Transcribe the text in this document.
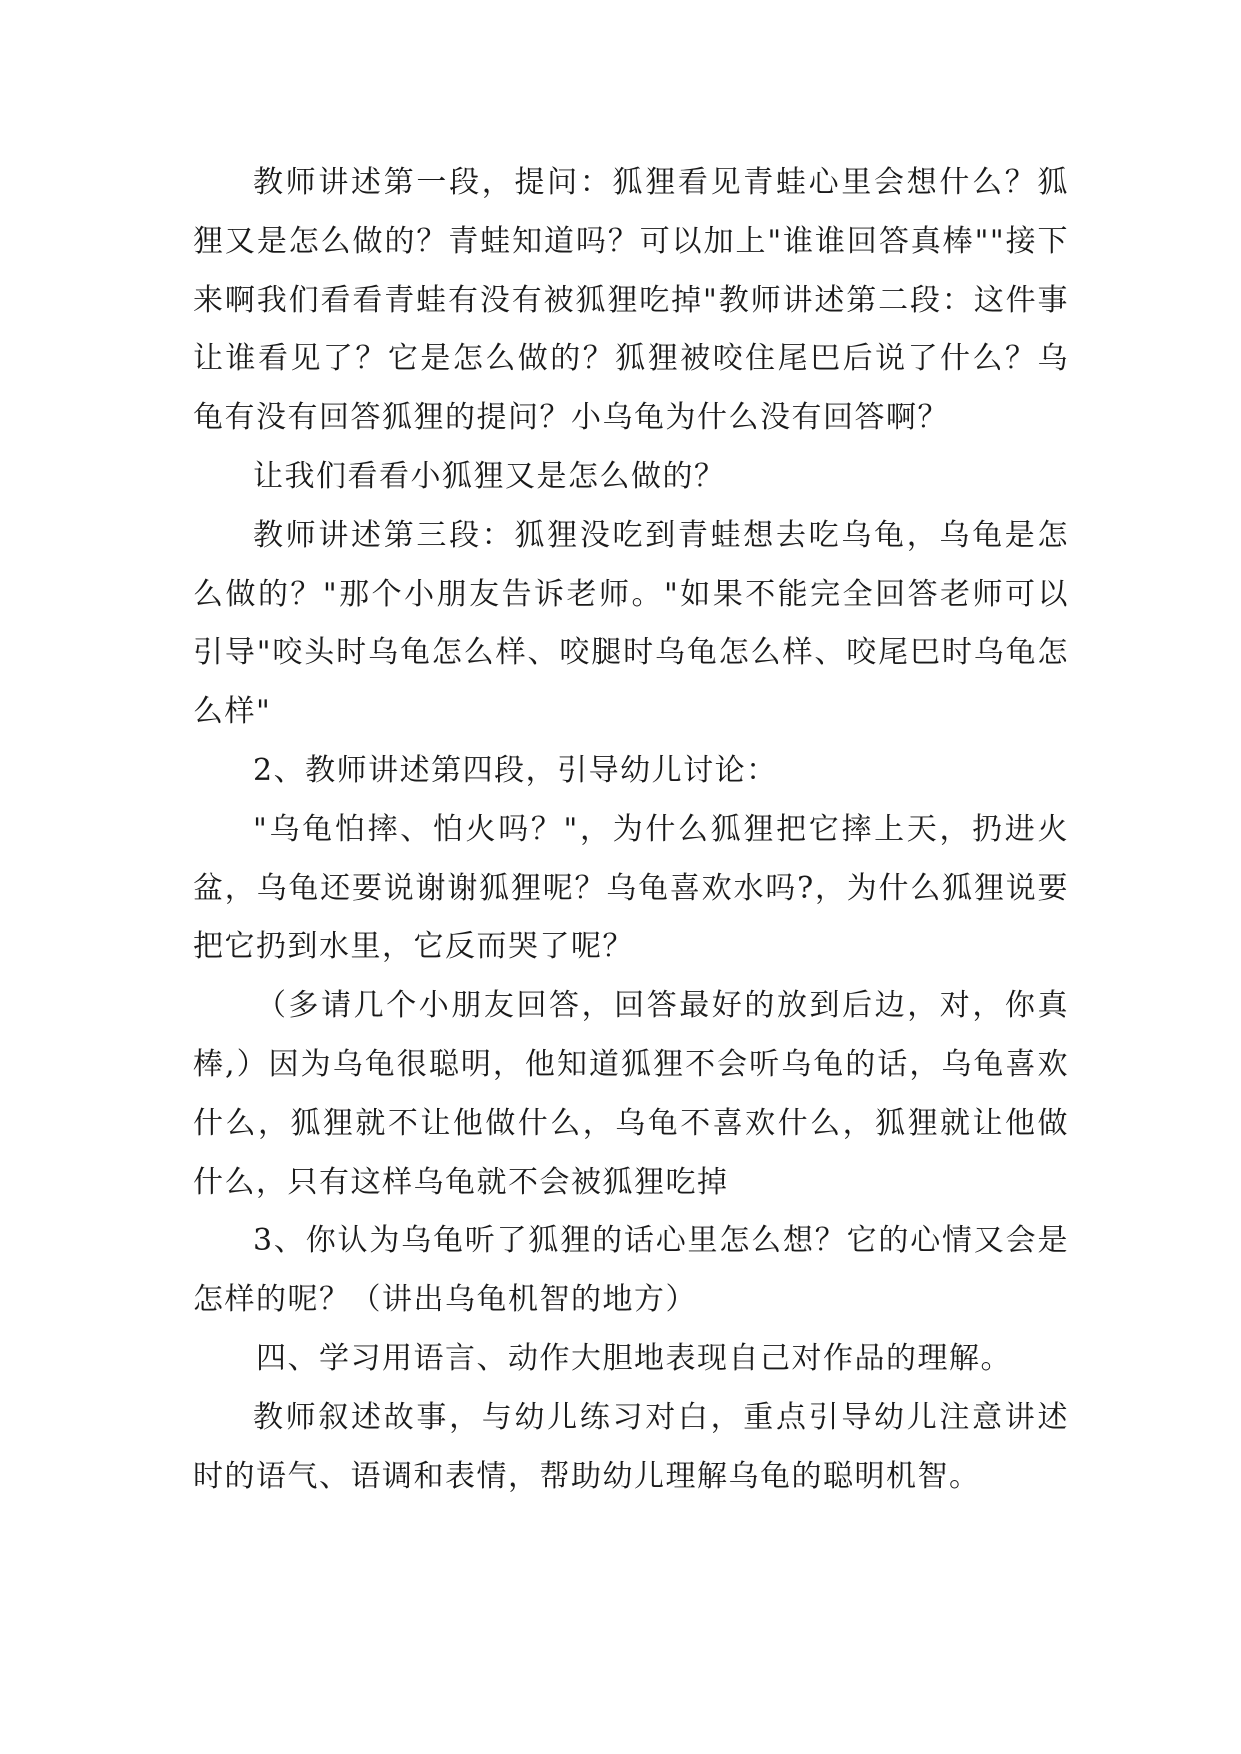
教师讲述第一段，提问：狐狸看见青蛙心里会想什么？狐狸又是怎么做的？青蛙知道吗？可以加上"谁谁回答真棒""接下来啊我们看看青蛙有没有被狐狸吃掉"教师讲述第二段：这件事让谁看见了？它是怎么做的？狐狸被咬住尾巴后说了什么？乌龟有没有回答狐狸的提问？小乌龟为什么没有回答啊？

让我们看看小狐狸又是怎么做的？

教师讲述第三段：狐狸没吃到青蛙想去吃乌龟，乌龟是怎么做的？"那个小朋友告诉老师。"如果不能完全回答老师可以引导"咬头时乌龟怎么样、咬腿时乌龟怎么样、咬尾巴时乌龟怎么样"

2、教师讲述第四段，引导幼儿讨论：

"乌龟怕摔、怕火吗？"，为什么狐狸把它摔上天，扔进火盆，乌龟还要说谢谢狐狸呢？乌龟喜欢水吗?，为什么狐狸说要把它扔到水里，它反而哭了呢？

（多请几个小朋友回答，回答最好的放到后边，对，你真棒,）因为乌龟很聪明，他知道狐狸不会听乌龟的话，乌龟喜欢什么，狐狸就不让他做什么，乌龟不喜欢什么，狐狸就让他做什么，只有这样乌龟就不会被狐狸吃掉

3、你认为乌龟听了狐狸的话心里怎么想？它的心情又会是怎样的呢？（讲出乌龟机智的地方）

四、学习用语言、动作大胆地表现自己对作品的理解。

教师叙述故事，与幼儿练习对白，重点引导幼儿注意讲述时的语气、语调和表情，帮助幼儿理解乌龟的聪明机智。
